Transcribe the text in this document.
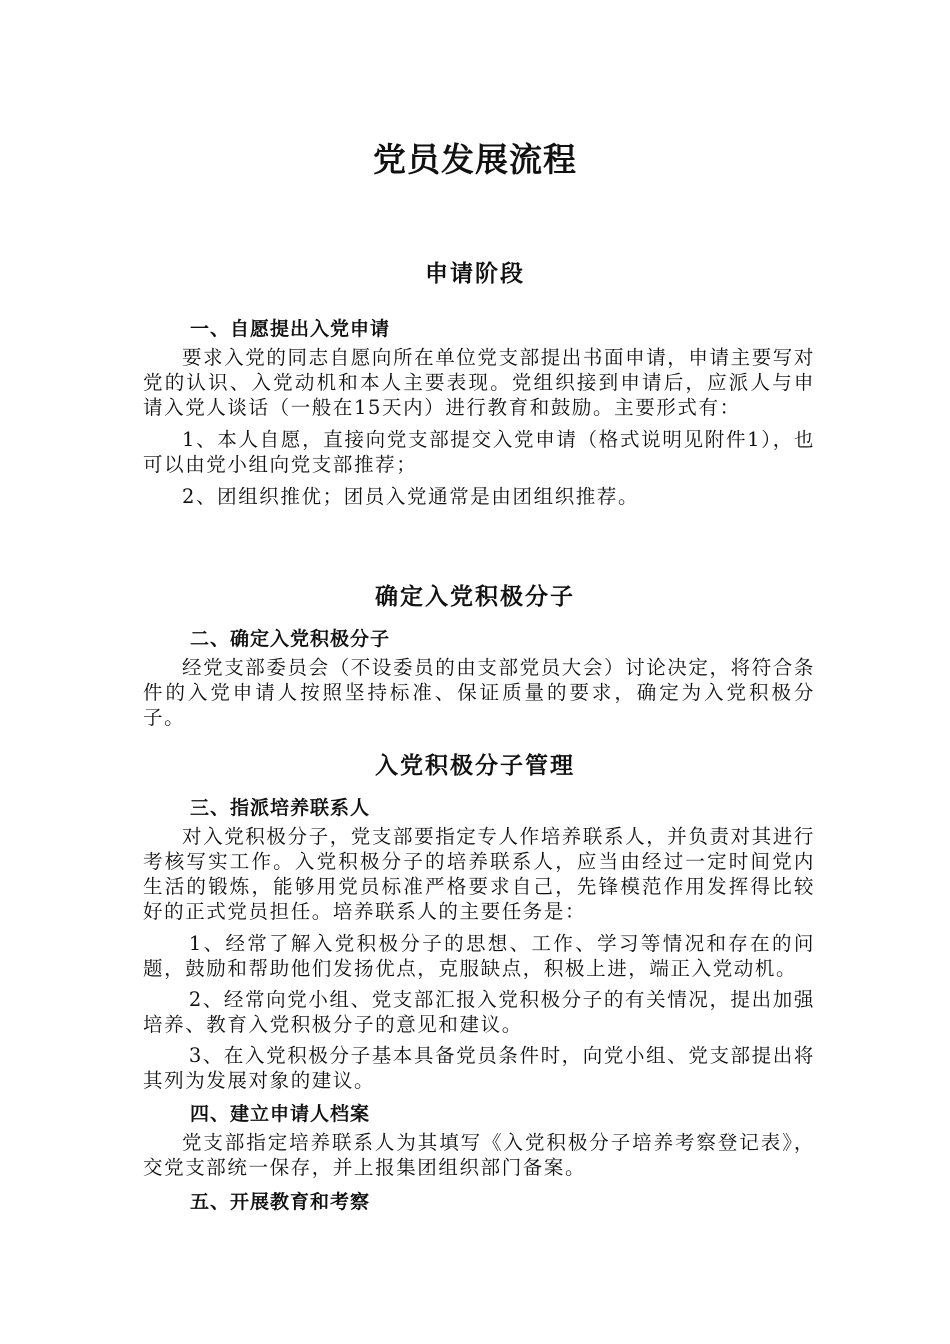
党员发展流程
申请阶段
一、自愿提出入党申请

要求入党的同志自愿向所在单位党支部提出书面申请，申请主要写对党的认识、入党动机和本人主要表现。党组织接到申请后，应派人与申请入党人谈话（一般在15天内）进行教育和鼓励。主要形式有：

1、本人自愿，直接向党支部提交入党申请（格式说明见附件1），也可以由党小组向党支部推荐；

2、团组织推优；团员入党通常是由团组织推荐。

确定入党积极分子
二、确定入党积极分子

经党支部委员会（不设委员的由支部党员大会）讨论决定，将符合条件的入党申请人按照坚持标准、保证质量的要求，确定为入党积极分子。

入党积极分子管理
三、指派培养联系人

对入党积极分子，党支部要指定专人作培养联系人，并负责对其进行考核写实工作。入党积极分子的培养联系人，应当由经过一定时间党内生活的锻炼，能够用党员标准严格要求自己，先锋模范作用发挥得比较好的正式党员担任。培养联系人的主要任务是：

1、经常了解入党积极分子的思想、工作、学习等情况和存在的问题，鼓励和帮助他们发扬优点，克服缺点，积极上进，端正入党动机。

2、经常向党小组、党支部汇报入党积极分子的有关情况，提出加强培养、教育入党积极分子的意见和建议。

3、在入党积极分子基本具备党员条件时，向党小组、党支部提出将其列为发展对象的建议。

四、建立申请人档案

党支部指定培养联系人为其填写《入党积极分子培养考察登记表》，交党支部统一保存，并上报集团组织部门备案。

五、开展教育和考察
